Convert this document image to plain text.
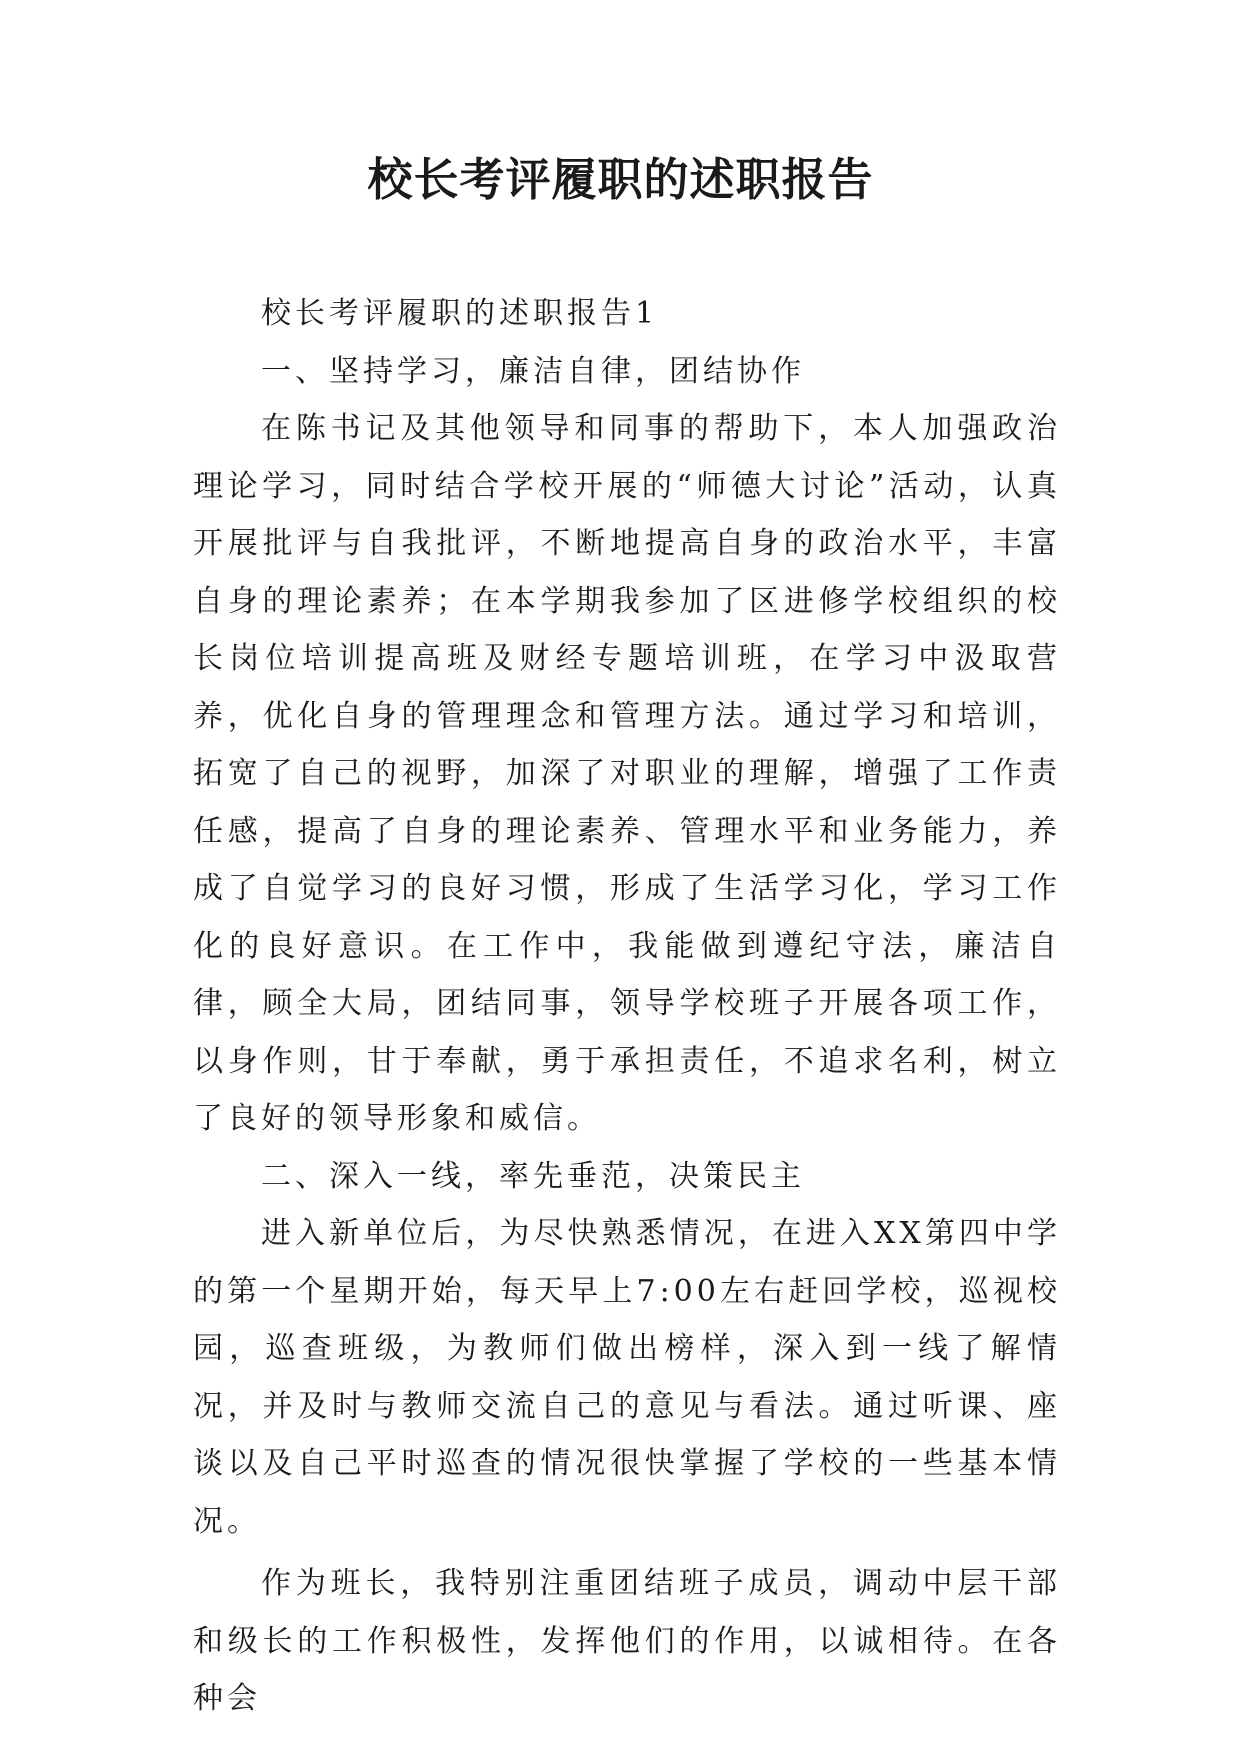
校长考评履职的述职报告

校长考评履职的述职报告1

一、坚持学习，廉洁自律，团结协作

在陈书记及其他领导和同事的帮助下，本人加强政治理论学习，同时结合学校开展的“师德大讨论”活动，认真开展批评与自我批评，不断地提高自身的政治水平，丰富自身的理论素养；在本学期我参加了区进修学校组织的校长岗位培训提高班及财经专题培训班，在学习中汲取营养，优化自身的管理理念和管理方法。通过学习和培训，拓宽了自己的视野，加深了对职业的理解，增强了工作责任感，提高了自身的理论素养、管理水平和业务能力，养成了自觉学习的良好习惯，形成了生活学习化，学习工作化的良好意识。在工作中，我能做到遵纪守法，廉洁自律，顾全大局，团结同事，领导学校班子开展各项工作，以身作则，甘于奉献，勇于承担责任，不追求名利，树立了良好的领导形象和威信。

二、深入一线，率先垂范，决策民主

进入新单位后，为尽快熟悉情况，在进入XX第四中学的第一个星期开始，每天早上7:00左右赶回学校，巡视校园，巡查班级，为教师们做出榜样，深入到一线了解情况，并及时与教师交流自己的意见与看法。通过听课、座谈以及自己平时巡查的情况很快掌握了学校的一些基本情况。

作为班长，我特别注重团结班子成员，调动中层干部和级长的工作积极性，发挥他们的作用，以诚相待。在各种会
